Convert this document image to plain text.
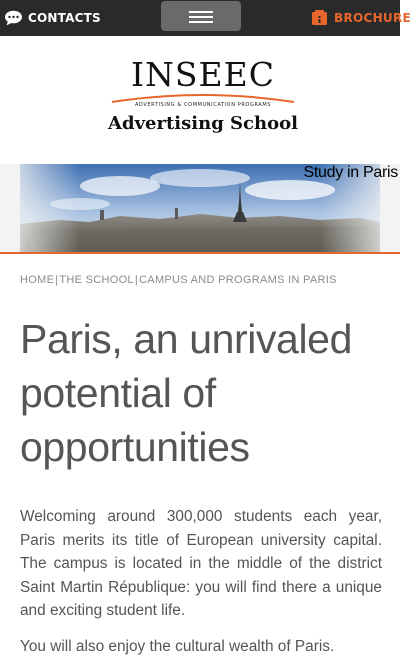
CONTACTS	BROCHURE
INSEEC
ADVERTISING & COMMUNICATION PROGRAMS
Advertising School
Study in Paris
HOME|THE SCHOOL|CAMPUS AND PROGRAMS IN PARIS
Paris, an unrivaled
potential of
opportunities

Welcoming around 300,000 students each year, Paris merits its title of European university capital. The campus is located in the middle of the district Saint Martin République: you will find there a unique and exciting student life.

You will also enjoy the cultural wealth of Paris.
